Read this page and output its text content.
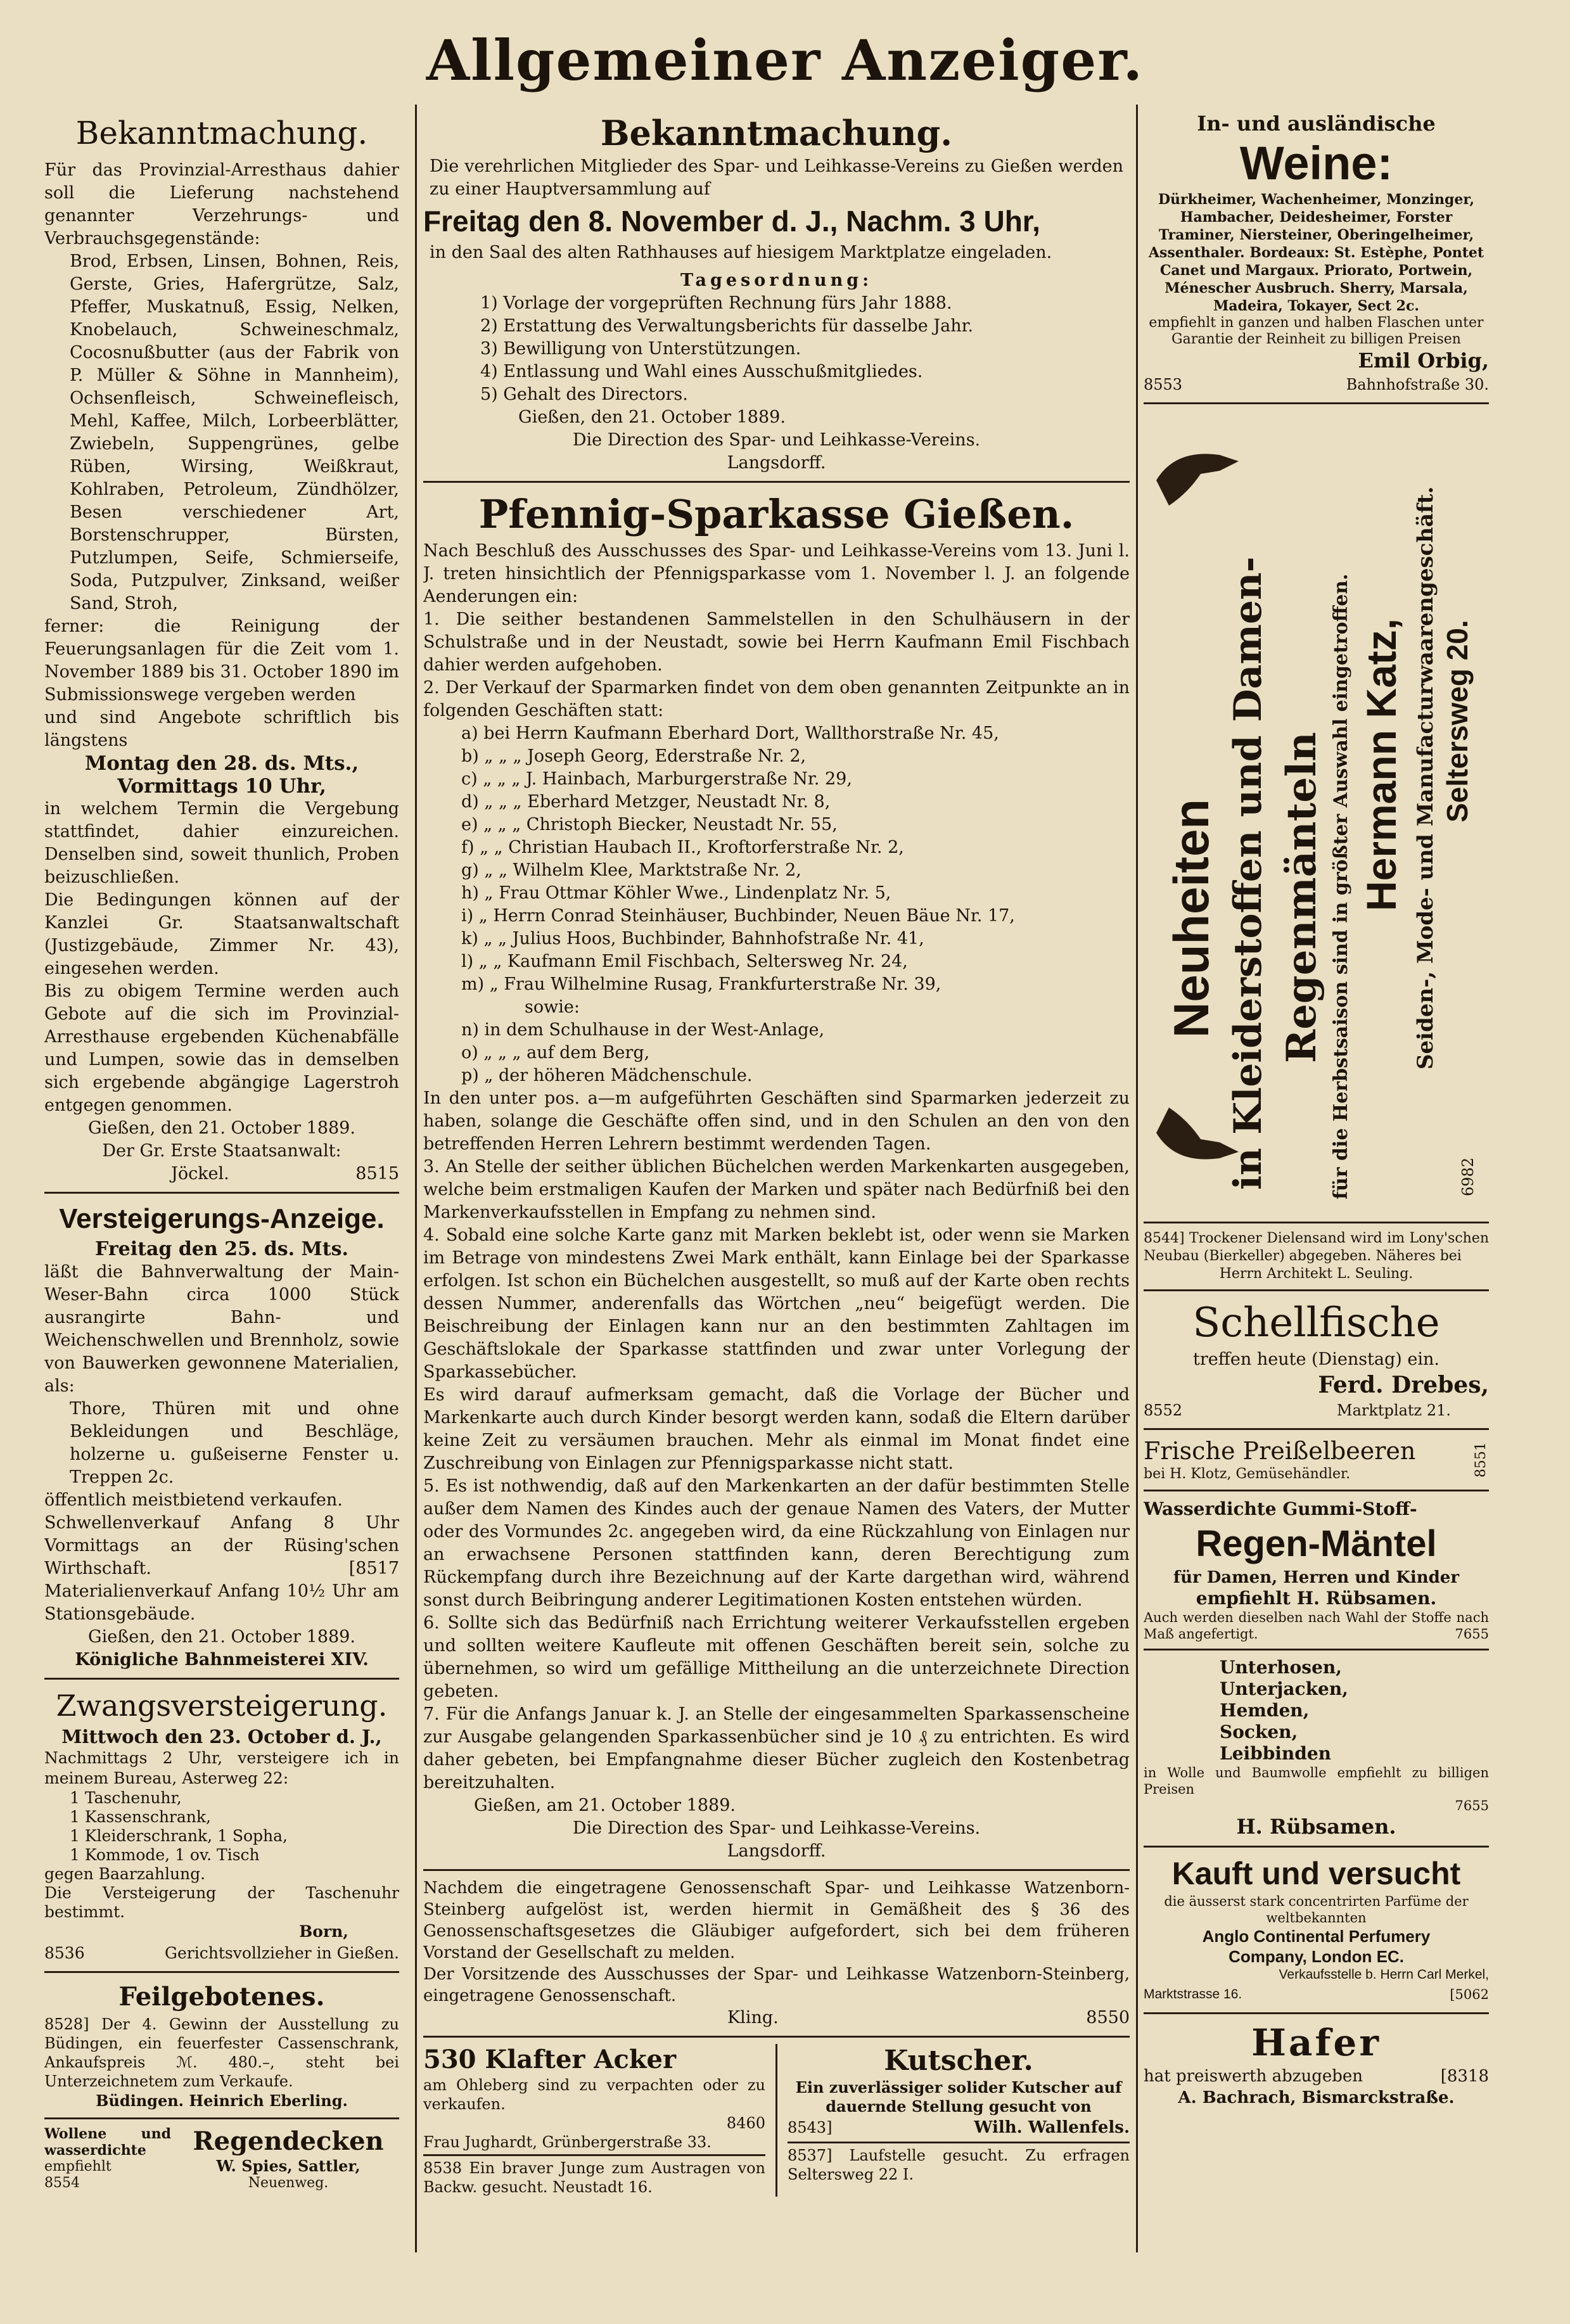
Allgemeiner Anzeiger.
Bekanntmachung.

Für das Provinzial-Arresthaus dahier soll die Lieferung nachstehend genannter Verzehrungs- und Verbrauchsgegenstände:

Brod, Erbsen, Linsen, Bohnen, Reis, Gerste, Gries, Hafergrütze, Salz, Pfeffer, Muskatnuß, Essig, Nelken, Knobelauch, Schweineschmalz, Cocosnußbutter (aus der Fabrik von P. Müller & Söhne in Mannheim), Ochsenfleisch, Schweinefleisch, Mehl, Kaffee, Milch, Lorbeerblätter, Zwiebeln, Suppengrünes, gelbe Rüben, Wirsing, Weißkraut, Kohlraben, Petroleum, Zündhölzer, Besen verschiedener Art, Borstenschrupper, Bürsten, Putzlumpen, Seife, Schmierseife, Soda, Putzpulver, Zinksand, weißer Sand, Stroh,

ferner: die Reinigung der Feuerungsanlagen für die Zeit vom 1. November 1889 bis 31. October 1890 im Submissionswege vergeben werden

und sind Angebote schriftlich bis längstens

Montag den 28. ds. Mts.,

Vormittags 10 Uhr,

in welchem Termin die Vergebung stattfindet, dahier einzureichen. Denselben sind, soweit thunlich, Proben beizuschließen.

Die Bedingungen können auf der Kanzlei Gr. Staatsanwaltschaft (Justizgebäude, Zimmer Nr. 43), eingesehen werden.

Bis zu obigem Termine werden auch Gebote auf die sich im Provinzial-Arresthause ergebenden Küchenabfälle und Lumpen, sowie das in demselben sich ergebende abgängige Lagerstroh entgegen genommen.

Gießen, den 21. October 1889.

Der Gr. Erste Staatsanwalt:

Jöckel.	8515
Versteigerungs-Anzeige.

Freitag den 25. ds. Mts.

läßt die Bahnverwaltung der Main-Weser-Bahn circa 1000 Stück ausrangirte Bahn- und Weichenschwellen und Brennholz, sowie von Bauwerken gewonnene Materialien, als:

Thore, Thüren mit und ohne Bekleidungen und Beschläge, holzerne u. gußeiserne Fenster u. Treppen 2c.

öffentlich meistbietend verkaufen.

Schwellenverkauf Anfang 8 Uhr Vormittags an der Rüsing'schen Wirthschaft.	[8517

Materialienverkauf Anfang 10½ Uhr am Stationsgebäude.

Gießen, den 21. October 1889.

Königliche Bahnmeisterei XIV.

Zwangsversteigerung.

Mittwoch den 23. October d. J.,

Nachmittags 2 Uhr, versteigere ich in meinem Bureau, Asterweg 22:

1 Taschenuhr,

1 Kassenschrank,

1 Kleiderschrank, 1 Sopha,

1 Kommode, 1 ov. Tisch

gegen Baarzahlung.

Die Versteigerung der Taschenuhr bestimmt.

Born,

8536	Gerichtsvollzieher in Gießen.
Feilgebotenes.

8528] Der 4. Gewinn der Ausstellung zu Büdingen, ein feuerfester Cassenschrank, Ankaufspreis ℳ. 480.–, steht bei Unterzeichnetem zum Verkaufe.

Büdingen. Heinrich Eberling.

Wollene und wasserdichte
empfiehlt
8554
Regendecken
W. Spies, Sattler,
Neuenweg.
Bekanntmachung.

Die verehrlichen Mitglieder des Spar- und Leihkasse-Vereins zu Gießen werden zu einer Hauptversammlung auf

Freitag den 8. November d. J., Nachm. 3 Uhr,

in den Saal des alten Rathhauses auf hiesigem Marktplatze eingeladen.

Tagesordnung:

1) Vorlage der vorgeprüften Rechnung fürs Jahr 1888.

2) Erstattung des Verwaltungsberichts für dasselbe Jahr.

3) Bewilligung von Unterstützungen.

4) Entlassung und Wahl eines Ausschußmitgliedes.

5) Gehalt des Directors.

Gießen, den 21. October 1889.

Die Direction des Spar- und Leihkasse-Vereins.

Langsdorff.

Pfennig-Sparkasse Gießen.

Nach Beschluß des Ausschusses des Spar- und Leihkasse-Vereins vom 13. Juni l. J. treten hinsichtlich der Pfennigsparkasse vom 1. November l. J. an folgende Aenderungen ein:

1. Die seither bestandenen Sammelstellen in den Schulhäusern in der Schulstraße und in der Neustadt, sowie bei Herrn Kaufmann Emil Fischbach dahier werden aufgehoben.

2. Der Verkauf der Sparmarken findet von dem oben genannten Zeitpunkte an in folgenden Geschäften statt:

a) bei Herrn Kaufmann Eberhard Dort, Wallthorstraße Nr. 45,

b) „ „ „ Joseph Georg, Ederstraße Nr. 2,

c) „ „ „ J. Hainbach, Marburgerstraße Nr. 29,

d) „ „ „ Eberhard Metzger, Neustadt Nr. 8,

e) „ „ „ Christoph Biecker, Neustadt Nr. 55,

f) „ „ Christian Haubach II., Kroftorferstraße Nr. 2,

g) „ „ Wilhelm Klee, Marktstraße Nr. 2,

h) „ Frau Ottmar Köhler Wwe., Lindenplatz Nr. 5,

i) „ Herrn Conrad Steinhäuser, Buchbinder, Neuen Bäue Nr. 17,

k) „ „ Julius Hoos, Buchbinder, Bahnhofstraße Nr. 41,

l) „ „ Kaufmann Emil Fischbach, Seltersweg Nr. 24,

m) „ Frau Wilhelmine Rusag, Frankfurterstraße Nr. 39,

sowie:

n) in dem Schulhause in der West-Anlage,

o) „ „ „ auf dem Berg,

p) „ der höheren Mädchenschule.

In den unter pos. a—m aufgeführten Geschäften sind Sparmarken jederzeit zu haben, solange die Geschäfte offen sind, und in den Schulen an den von den betreffenden Herren Lehrern bestimmt werdenden Tagen.

3. An Stelle der seither üblichen Büchelchen werden Markenkarten ausgegeben, welche beim erstmaligen Kaufen der Marken und später nach Bedürfniß bei den Markenverkaufsstellen in Empfang zu nehmen sind.

4. Sobald eine solche Karte ganz mit Marken beklebt ist, oder wenn sie Marken im Betrage von mindestens Zwei Mark enthält, kann Einlage bei der Sparkasse erfolgen. Ist schon ein Büchelchen ausgestellt, so muß auf der Karte oben rechts dessen Nummer, anderenfalls das Wörtchen „neu“ beigefügt werden. Die Beischreibung der Einlagen kann nur an den bestimmten Zahltagen im Geschäftslokale der Sparkasse stattfinden und zwar unter Vorlegung der Sparkassebücher.

Es wird darauf aufmerksam gemacht, daß die Vorlage der Bücher und Markenkarte auch durch Kinder besorgt werden kann, sodaß die Eltern darüber keine Zeit zu versäumen brauchen. Mehr als einmal im Monat findet eine Zuschreibung von Einlagen zur Pfennigsparkasse nicht statt.

5. Es ist nothwendig, daß auf den Markenkarten an der dafür bestimmten Stelle außer dem Namen des Kindes auch der genaue Namen des Vaters, der Mutter oder des Vormundes 2c. angegeben wird, da eine Rückzahlung von Einlagen nur an erwachsene Personen stattfinden kann, deren Berechtigung zum Rückempfang durch ihre Bezeichnung auf der Karte dargethan wird, während sonst durch Beibringung anderer Legitimationen Kosten entstehen würden.

6. Sollte sich das Bedürfniß nach Errichtung weiterer Verkaufsstellen ergeben und sollten weitere Kaufleute mit offenen Geschäften bereit sein, solche zu übernehmen, so wird um gefällige Mittheilung an die unterzeichnete Direction gebeten.

7. Für die Anfangs Januar k. J. an Stelle der eingesammelten Sparkassenscheine zur Ausgabe gelangenden Sparkassenbücher sind je 10 ₰ zu entrichten. Es wird daher gebeten, bei Empfangnahme dieser Bücher zugleich den Kostenbetrag bereitzuhalten.

Gießen, am 21. October 1889.

Die Direction des Spar- und Leihkasse-Vereins.

Langsdorff.

Nachdem die eingetragene Genossenschaft Spar- und Leihkasse Watzenborn-Steinberg aufgelöst ist, werden hiermit in Gemäßheit des § 36 des Genossenschaftsgesetzes die Gläubiger aufgefordert, sich bei dem früheren Vorstand der Gesellschaft zu melden.

Der Vorsitzende des Ausschusses der Spar- und Leihkasse Watzenborn-Steinberg, eingetragene Genossenschaft.

Kling.	8550
530 Klafter Acker

am Ohleberg sind zu verpachten oder zu verkaufen.

8460

Frau Jughardt, Grünbergerstraße 33.

8538 Ein braver Junge zum Austragen von Backw. gesucht. Neustadt 16.

Kutscher.

Ein zuverlässiger solider Kutscher auf dauernde Stellung gesucht von

8543]	Wilh. Wallenfels.

8537] Laufstelle gesucht. Zu erfragen Seltersweg 22 I.

In- und ausländische
Weine:

Dürkheimer, Wachenheimer, Monzinger, Hambacher, Deidesheimer, Forster Traminer, Niersteiner, Oberingelheimer, Assenthaler. Bordeaux: St. Estèphe, Pontet Canet und Margaux. Priorato, Portwein, Ménescher Ausbruch. Sherry, Marsala, Madeira, Tokayer, Sect 2c.

empfiehlt in ganzen und halben Flaschen unter Garantie der Reinheit zu billigen Preisen

Emil Orbig,

8553	Bahnhofstraße 30.
Neuheiten in Kleiderstoffen und Damen- Regenmänteln für die Herbstsaison sind in größter Auswahl eingetroffen. Hermann Katz, Seiden-, Mode- und Manufacturwaarengeschäft. Seltersweg 20.
6982

8544] Trockener Dielensand wird im Lony'schen Neubau (Bierkeller) abgegeben. Näheres bei

Herrn Architekt L. Seuling.

Schellfische

treffen heute (Dienstag) ein.

Ferd. Drebes,

8552	Marktplatz 21.
Frische Preißelbeeren

bei H. Klotz, Gemüsehändler.	8551

Wasserdichte Gummi-Stoff-

Regen-Mäntel

für Damen, Herren und Kinder

empfiehlt H. Rübsamen.

Auch werden dieselben nach Wahl der Stoffe nach Maß angefertigt.	7655

Unterhosen,

Unterjacken,

Hemden,

Socken,

Leibbinden

in Wolle und Baumwolle empfiehlt zu billigen Preisen

7655

H. Rübsamen.

Kauft und versucht

die äusserst stark concentrirten Parfüme der weltbekannten

Anglo Continental Perfumery

Company, London EC.

Verkaufsstelle b. Herrn Carl Merkel,

Marktstrasse 16.	[5062
Hafer
hat preiswerth abzugeben	[8318

A. Bachrach, Bismarckstraße.
